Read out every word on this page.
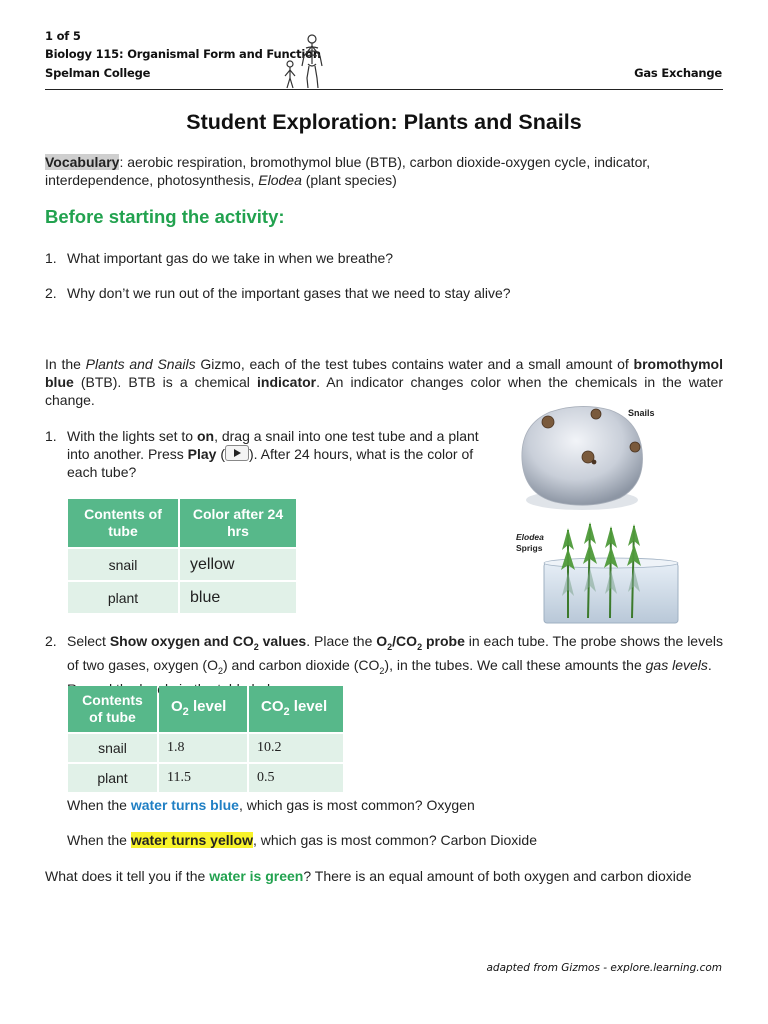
1 of 5
Biology 115: Organismal Form and Function
Spelman College	Gas Exchange
Student Exploration: Plants and Snails
Vocabulary: aerobic respiration, bromothymol blue (BTB), carbon dioxide-oxygen cycle, indicator, interdependence, photosynthesis, Elodea (plant species)
Before starting the activity:
1. What important gas do we take in when we breathe?
2. Why don’t we run out of the important gases that we need to stay alive?
In the Plants and Snails Gizmo, each of the test tubes contains water and a small amount of bromothymol blue (BTB). BTB is a chemical indicator. An indicator changes color when the chemicals in the water change.
1. With the lights set to on, drag a snail into one test tube and a plant into another. Press Play ( ). After 24 hours, what is the color of each tube?
Contents of tube	Color after 24 hrs
snail	yellow
plant	blue
Snails
Elodea
Sprigs
2. Select Show oxygen and $CO_2$ values. Place the $O_2/CO_2$ probe in each tube. The probe shows the levels of two gases, oxygen $(O_2)$ and carbon dioxide $(CO_2)$, in the tubes. We call these amounts the gas levels. levels
Contents of tube	$O_2$ level	$CO_2$ level
snail	1.8	10.2
plant	11.5	0.5
When the water turns blue, which gas is most common? Oxygen
When the water turns yellow, which gas is most common? Carbon Dioxide
What does it tell you if the water is green? There is an equal amount of both oxygen and carbon dioxide
adapted from Gizmos - explore.learning.com
